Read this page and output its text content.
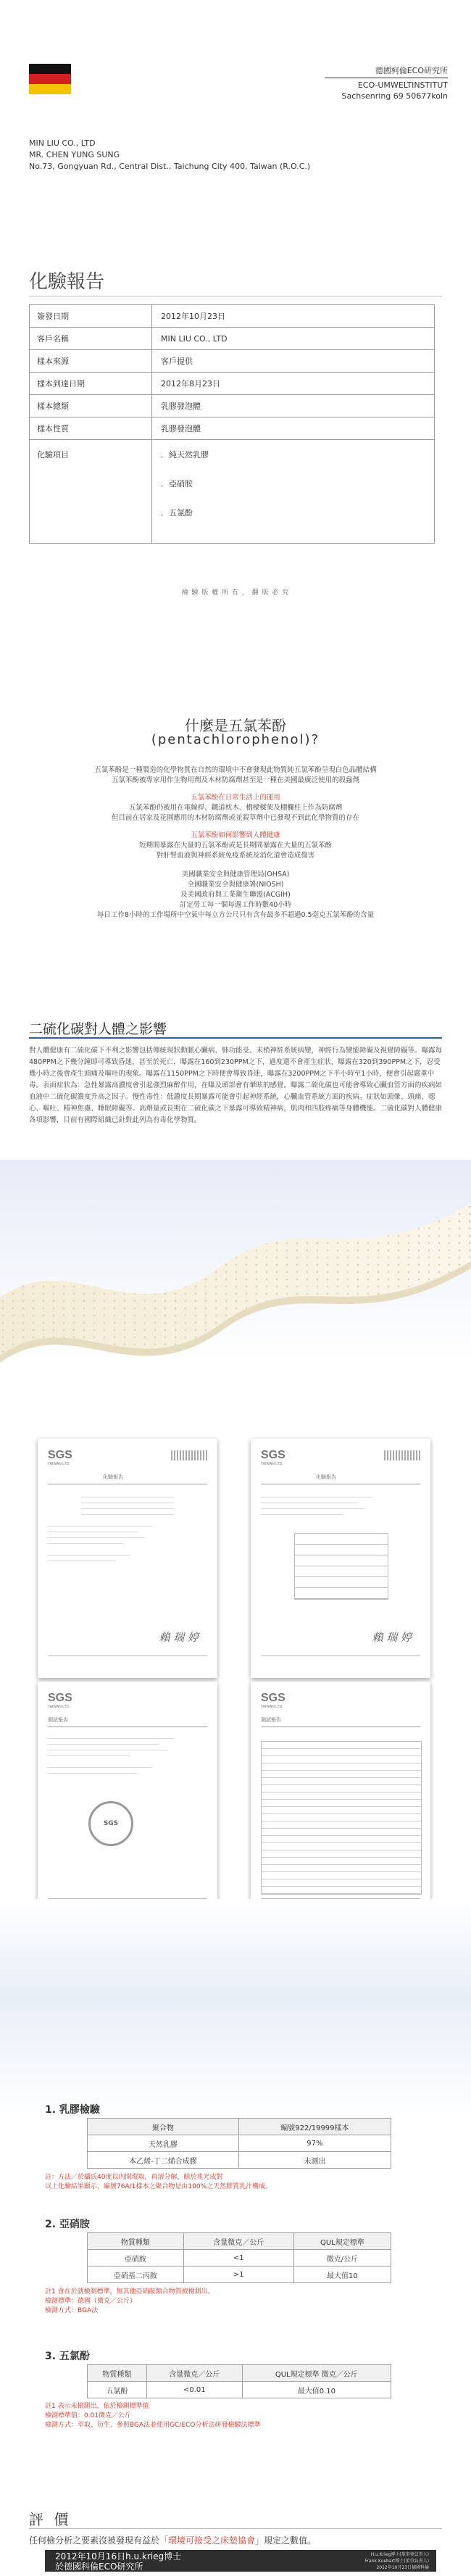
德國柯倫ECO研究所
ECO-UMWELTINSTITUT
Sachsenring 69 50677koln
MIN LIU CO., LTD
MR. CHEN YUNG SUNG
No.73, Gongyuan Rd., Central Dist., Taichung City 400, Taiwan (R.O.C.)
化驗報告
簽發日期	2012年10月23日
客戶名稱	MIN LIU CO., LTD
樣本來源	客戶提供
樣本到達日期	2012年8月23日
樣本總類	乳膠發泡體
樣本性質	乳膠發泡體
化驗項目	．純天然乳膠
．亞硝胺
．五氯酚
檢 驗 版 權 所 有 ， 翻 版 必 究
什麼是五氯苯酚
(pentachlorophenol)?
五氯苯酚是一種製造的化學物質在自然的環境中不會發現此物質純五氯苯酚呈現白色晶體結構
五氯苯酚被專家用作生物用劑及木材防腐劑甚至是一種在美國最廣泛使用的殺蟲劑
五氯苯酚在日常生活上的運用
五氯苯酚仍被用在電線桿、鐵道枕木、橋樑樑架及棚欄柱上作為防腐劑
但目前在居家及花園應用的木材防腐劑或並殺草劑中已發現不到此化學物質的存在
五氯苯酚如何影響到人體健康
短期間暴露在大量的五氯苯酚或是長期間暴露在大量的五氯苯酚
對肝腎血液與神經系統免疫系統及消化道會造成傷害
美國職業安全與健康管理局(OHSA)
全國職業安全與健康署(NIOSH)
及美國政府與工業衛生聯盟(ACGIH)
訂定勞工每一個每週工作時數40小時
每日工作8小時的工作場所中空氣中每立方公尺只有含有最多不超過0.5毫克五氯苯酚的含量
二硫化碳對人體之影響
對人體健康有二硫化碳下不利之影響包括傳統現狀動脈心臟病、肺功能受、末梢神經系統病變，神經行為變能障礙及視覺障礙等。曝露每480PPM之下幾分鐘即可導致昏迷，甚至於死亡，曝露在160到230PPM之下，過度還不會產生症狀，曝露在320到390PPM之下，忍受幾小時之後會產生頭痛及嘔吐的現象。曝露在1150PPM之下時便會導致昏迷，曝露在3200PPM之下半小時至1小時，便會引起嚴重中毒。表面症狀為：急性暴露高濃度會引起強烈麻醉作用，在曝及頭部會有暈眩的感覺。曝露二硫化碳也可能會導致心臟血管方面的疾病如血液中二硫化碳濃度升高之因子。慢性毒性：低濃度長期暴露可能會引起神經系統，心臟血管系統方面的疾病。症狀如頭暈、頭痛、噁心、嘔吐、精神焦慮、睡眠障礙等。高劑量或長期在二硫化碳之下暴露可導致精神病，肌肉和四肢疼痛等身體機能。二硫化碳對人體健康各項影響，目前有國際組織已針對此列為有毒化學物質。
SGS
TAIWAN LTD.
化驗報告
賴 瑞 婷
SGS
TAIWAN LTD.
化驗報告
賴 瑞 婷
SGS
TAIWAN LTD.
測試報告
SGS
SGS
TAIWAN LTD.
測試報告
1. 乳膠檢驗
聚合物	編號922/19999樣本
天然乳膠	97%
本乙烯-丁二烯合成膠	未測出
註：方法／於攝氏40度以內開環取，再溶分解，餘於兆光成對
以上化驗結果顯示，編號76A/1樣本之聚合物是由100%之天然膠質乳汁構成。
2. 亞硝胺
物質種類	含量微克／公斤	QUL規定標準
亞硝胺	<1	微克/公斤
亞硝基二丙胺	>1	最大值10
註1 會在於就檢測標準，無其他亞硝胺類合物質被檢測出。
檢測標準：德國（微克／公斤）
檢測方式：BGA法
3. 五氯酚
物質種類	含量微克／公斤	QUL規定標準 微克／公斤
五氯酚	<0.01	最大值0.10
註1 表示未檢測出，依於檢測標準值
檢測標準值：0.01微克／公斤
檢測方式：萃取、衍生、參照BGA法並使用GC/ECO分析法研發檢驗法標準
評 價
任何檢分析之要素沒被發現有益於「環境可接受之床墊協會」規定之數值。
2012年10月16日h.u.krieg博士
於德國科倫ECO研究所
H.u.Krieg博士(董事會員責人)
Frank Kuebart博士(董事負責人)
2012年10月23日德國科倫
